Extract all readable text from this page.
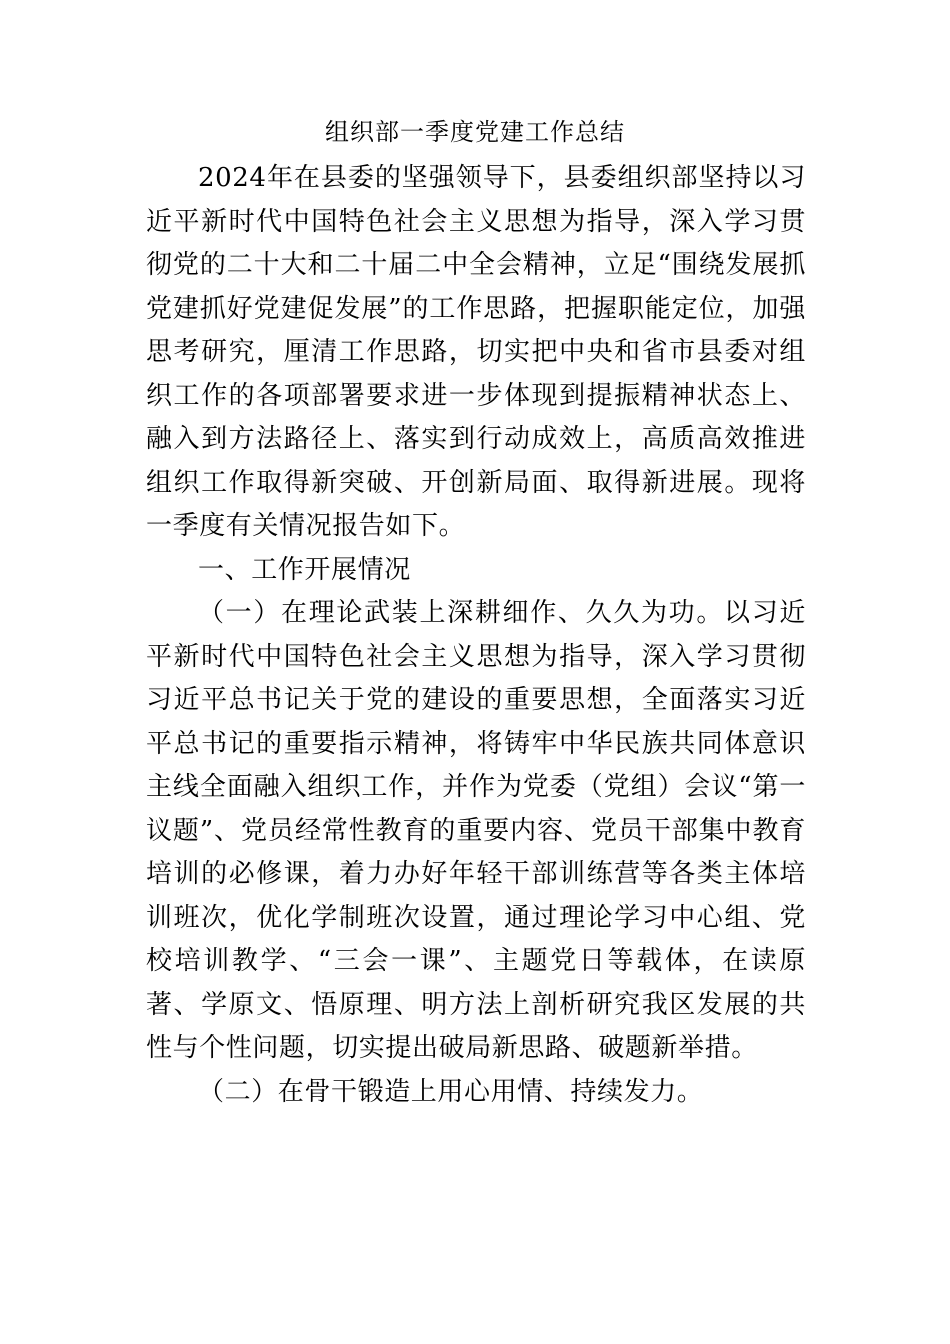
组织部一季度党建工作总结

2024年在县委的坚强领导下，县委组织部坚持以习近平新时代中国特色社会主义思想为指导，深入学习贯彻党的二十大和二十届二中全会精神，立足“围绕发展抓党建抓好党建促发展”的工作思路，把握职能定位，加强思考研究，厘清工作思路，切实把中央和省市县委对组织工作的各项部署要求进一步体现到提振精神状态上、融入到方法路径上、落实到行动成效上，高质高效推进组织工作取得新突破、开创新局面、取得新进展。现将一季度有关情况报告如下。

一、工作开展情况

（一）在理论武装上深耕细作、久久为功。以习近平新时代中国特色社会主义思想为指导，深入学习贯彻习近平总书记关于党的建设的重要思想，全面落实习近平总书记的重要指示精神，将铸牢中华民族共同体意识主线全面融入组织工作，并作为党委（党组）会议“第一议题”、党员经常性教育的重要内容、党员干部集中教育培训的必修课，着力办好年轻干部训练营等各类主体培训班次，优化学制班次设置，通过理论学习中心组、党校培训教学、“三会一课”、主题党日等载体，在读原著、学原文、悟原理、明方法上剖析研究我区发展的共性与个性问题，切实提出破局新思路、破题新举措。

（二）在骨干锻造上用心用情、持续发力。
